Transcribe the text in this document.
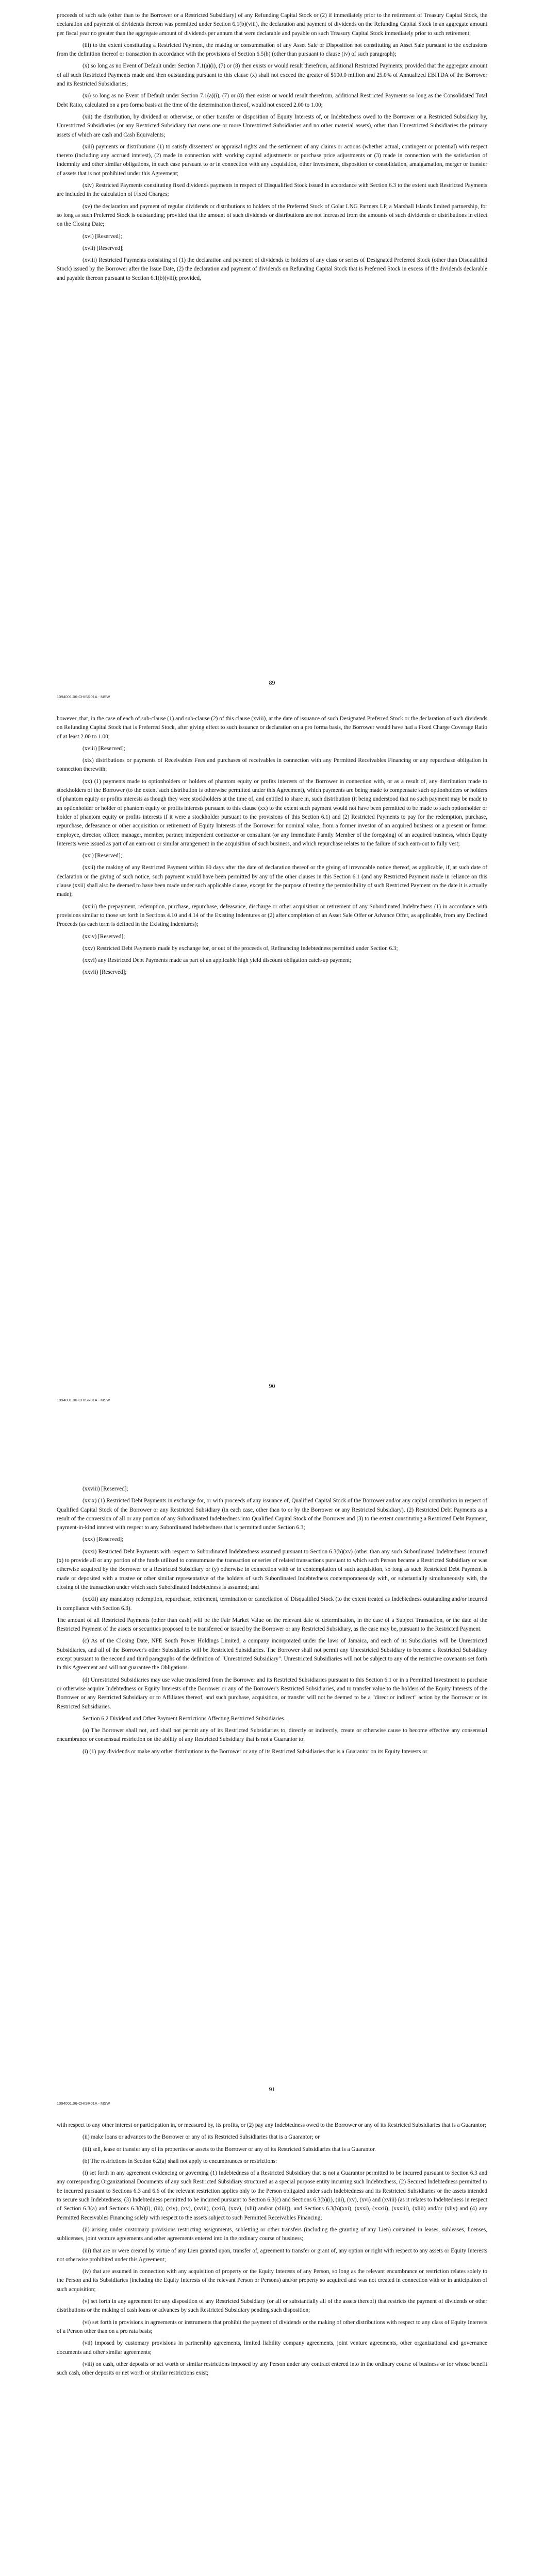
proceeds of such sale (other than to the Borrower or a Restricted Subsidiary) of any Refunding Capital Stock or (2) if immediately prior to the retirement of Treasury Capital Stock, the declaration and payment of dividends thereon was permitted under Section 6.1(b)(viii), the declaration and payment of dividends on the Refunding Capital Stock in an aggregate amount per fiscal year no greater than the aggregate amount of dividends per annum that were declarable and payable on such Treasury Capital Stock immediately prior to such retirement;

(iii) to the extent constituting a Restricted Payment, the making or consummation of any Asset Sale or Disposition not constituting an Asset Sale pursuant to the exclusions from the definition thereof or transaction in accordance with the provisions of Section 6.5(b) (other than pursuant to clause (iv) of such paragraph);

(x) so long as no Event of Default under Section 7.1(a)(i), (7) or (8) then exists or would result therefrom, additional Restricted Payments; provided that the aggregate amount of all such Restricted Payments made and then outstanding pursuant to this clause (x) shall not exceed the greater of $100.0 million and 25.0% of Annualized EBITDA of the Borrower and its Restricted Subsidiaries;

(xi) so long as no Event of Default under Section 7.1(a)(i), (7) or (8) then exists or would result therefrom, additional Restricted Payments so long as the Consolidated Total Debt Ratio, calculated on a pro forma basis at the time of the determination thereof, would not exceed 2.00 to 1.00;

(xii) the distribution, by dividend or otherwise, or other transfer or disposition of Equity Interests of, or Indebtedness owed to the Borrower or a Restricted Subsidiary by, Unrestricted Subsidiaries (or any Restricted Subsidiary that owns one or more Unrestricted Subsidiaries and no other material assets), other than Unrestricted Subsidiaries the primary assets of which are cash and Cash Equivalents;

(xiii) payments or distributions (1) to satisfy dissenters' or appraisal rights and the settlement of any claims or actions (whether actual, contingent or potential) with respect thereto (including any accrued interest), (2) made in connection with working capital adjustments or purchase price adjustments or (3) made in connection with the satisfaction of indemnity and other similar obligations, in each case pursuant to or in connection with any acquisition, other Investment, disposition or consolidation, amalgamation, merger or transfer of assets that is not prohibited under this Agreement;

(xiv) Restricted Payments constituting fixed dividends payments in respect of Disqualified Stock issued in accordance with Section 6.3 to the extent such Restricted Payments are included in the calculation of Fixed Charges;

(xv) the declaration and payment of regular dividends or distributions to holders of the Preferred Stock of Golar LNG Partners LP, a Marshall Islands limited partnership, for so long as such Preferred Stock is outstanding; provided that the amount of such dividends or distributions are not increased from the amounts of such dividends or distributions in effect on the Closing Date;

(xvi) [Reserved];

(xvii) [Reserved];

(xviii) Restricted Payments consisting of (1) the declaration and payment of dividends to holders of any class or series of Designated Preferred Stock (other than Disqualified Stock) issued by the Borrower after the Issue Date, (2) the declaration and payment of dividends on Refunding Capital Stock that is Preferred Stock in excess of the dividends declarable and payable thereon pursuant to Section 6.1(b)(viii); provided,

89
1094001.06-CHISR01A - MSW

however, that, in the case of each of sub-clause (1) and sub-clause (2) of this clause (xviii), at the date of issuance of such Designated Preferred Stock or the declaration of such dividends on Refunding Capital Stock that is Preferred Stock, after giving effect to such issuance or declaration on a pro forma basis, the Borrower would have had a Fixed Charge Coverage Ratio of at least 2.00 to 1.00;

(xviii) [Reserved];

(xix) distributions or payments of Receivables Fees and purchases of receivables in connection with any Permitted Receivables Financing or any repurchase obligation in connection therewith;

(xx) (1) payments made to optionholders or holders of phantom equity or profits interests of the Borrower in connection with, or as a result of, any distribution made to stockholders of the Borrower (to the extent such distribution is otherwise permitted under this Agreement), which payments are being made to compensate such optionholders or holders of phantom equity or profits interests as though they were stockholders at the time of, and entitled to share in, such distribution (it being understood that no such payment may be made to an optionholder or holder of phantom equity or profits interests pursuant to this clause (xx) to the extent such payment would not have been permitted to be made to such optionholder or holder of phantom equity or profits interests if it were a stockholder pursuant to the provisions of this Section 6.1) and (2) Restricted Payments to pay for the redemption, purchase, repurchase, defeasance or other acquisition or retirement of Equity Interests of the Borrower for nominal value, from a former investor of an acquired business or a present or former employee, director, officer, manager, member, partner, independent contractor or consultant (or any Immediate Family Member of the foregoing) of an acquired business, which Equity Interests were issued as part of an earn-out or similar arrangement in the acquisition of such business, and which repurchase relates to the failure of such earn-out to fully vest;

(xxi) [Reserved];

(xxii) the making of any Restricted Payment within 60 days after the date of declaration thereof or the giving of irrevocable notice thereof, as applicable, if, at such date of declaration or the giving of such notice, such payment would have been permitted by any of the other clauses in this Section 6.1 (and any Restricted Payment made in reliance on this clause (xxii) shall also be deemed to have been made under such applicable clause, except for the purpose of testing the permissibility of such Restricted Payment on the date it is actually made);

(xxiii) the prepayment, redemption, purchase, repurchase, defeasance, discharge or other acquisition or retirement of any Subordinated Indebtedness (1) in accordance with provisions similar to those set forth in Sections 4.10 and 4.14 of the Existing Indentures or (2) after completion of an Asset Sale Offer or Advance Offer, as applicable, from any Declined Proceeds (as each term is defined in the Existing Indentures);

(xxiv) [Reserved];

(xxv) Restricted Debt Payments made by exchange for, or out of the proceeds of, Refinancing Indebtedness permitted under Section 6.3;

(xxvi) any Restricted Debt Payments made as part of an applicable high yield discount obligation catch-up payment;

(xxvii) [Reserved];

90
1094001.06-CHISR01A - MSW

(xxviii) [Reserved];

(xxix) (1) Restricted Debt Payments in exchange for, or with proceeds of any issuance of, Qualified Capital Stock of the Borrower and/or any capital contribution in respect of Qualified Capital Stock of the Borrower or any Restricted Subsidiary (in each case, other than to or by the Borrower or any Restricted Subsidiary), (2) Restricted Debt Payments as a result of the conversion of all or any portion of any Subordinated Indebtedness into Qualified Capital Stock of the Borrower and (3) to the extent constituting a Restricted Debt Payment, payment-in-kind interest with respect to any Subordinated Indebtedness that is permitted under Section 6.3;

(xxx) [Reserved];

(xxxi) Restricted Debt Payments with respect to Subordinated Indebtedness assumed pursuant to Section 6.3(b)(xv) (other than any such Subordinated Indebtedness incurred (x) to provide all or any portion of the funds utilized to consummate the transaction or series of related transactions pursuant to which such Person became a Restricted Subsidiary or was otherwise acquired by the Borrower or a Restricted Subsidiary or (y) otherwise in connection with or in contemplation of such acquisition, so long as such Restricted Debt Payment is made or deposited with a trustee or other similar representative of the holders of such Subordinated Indebtedness contemporaneously with, or substantially simultaneously with, the closing of the transaction under which such Subordinated Indebtedness is assumed; and

(xxxii) any mandatory redemption, repurchase, retirement, termination or cancellation of Disqualified Stock (to the extent treated as Indebtedness outstanding and/or incurred in compliance with Section 6.3).

The amount of all Restricted Payments (other than cash) will be the Fair Market Value on the relevant date of determination, in the case of a Subject Transaction, or the date of the Restricted Payment of the assets or securities proposed to be transferred or issued by the Borrower or any Restricted Subsidiary, as the case may be, pursuant to the Restricted Payment.

(c) As of the Closing Date, NFE South Power Holdings Limited, a company incorporated under the laws of Jamaica, and each of its Subsidiaries will be Unrestricted Subsidiaries, and all of the Borrower's other Subsidiaries will be Restricted Subsidiaries. The Borrower shall not permit any Unrestricted Subsidiary to become a Restricted Subsidiary except pursuant to the second and third paragraphs of the definition of "Unrestricted Subsidiary". Unrestricted Subsidiaries will not be subject to any of the restrictive covenants set forth in this Agreement and will not guarantee the Obligations.

(d) Unrestricted Subsidiaries may use value transferred from the Borrower and its Restricted Subsidiaries pursuant to this Section 6.1 or in a Permitted Investment to purchase or otherwise acquire Indebtedness or Equity Interests of the Borrower or any of the Borrower's Restricted Subsidiaries, and to transfer value to the holders of the Equity Interests of the Borrower or any Restricted Subsidiary or to Affiliates thereof, and such purchase, acquisition, or transfer will not be deemed to be a "direct or indirect" action by the Borrower or its Restricted Subsidiaries.

Section 6.2 Dividend and Other Payment Restrictions Affecting Restricted Subsidiaries.

(a) The Borrower shall not, and shall not permit any of its Restricted Subsidiaries to, directly or indirectly, create or otherwise cause to become effective any consensual encumbrance or consensual restriction on the ability of any Restricted Subsidiary that is not a Guarantor to:

(i) (1) pay dividends or make any other distributions to the Borrower or any of its Restricted Subsidiaries that is a Guarantor on its Equity Interests or

91
1094001.06-CHISR01A - MSW

with respect to any other interest or participation in, or measured by, its profits, or (2) pay any Indebtedness owed to the Borrower or any of its Restricted Subsidiaries that is a Guarantor;

(ii) make loans or advances to the Borrower or any of its Restricted Subsidiaries that is a Guarantor; or

(iii) sell, lease or transfer any of its properties or assets to the Borrower or any of its Restricted Subsidiaries that is a Guarantor.

(b) The restrictions in Section 6.2(a) shall not apply to encumbrances or restrictions:

(i) set forth in any agreement evidencing or governing (1) Indebtedness of a Restricted Subsidiary that is not a Guarantor permitted to be incurred pursuant to Section 6.3 and any corresponding Organizational Documents of any such Restricted Subsidiary structured as a special purpose entity incurring such Indebtedness, (2) Secured Indebtedness permitted to be incurred pursuant to Sections 6.3 and 6.6 of the relevant restriction applies only to the Person obligated under such Indebtedness and its Restricted Subsidiaries or the assets intended to secure such Indebtedness; (3) Indebtedness permitted to be incurred pursuant to Section 6.3(c) and Sections 6.3(b)(i), (iii), (xv), (xvi) and (xviii) (as it relates to Indebtedness in respect of Section 6.3(a) and Sections 6.3(b)(i), (iii), (xiv), (xv), (xviii), (xxii), (xxv), (xlii) and/or (xliii)), and Sections 6.3(b)(xxi), (xxxi), (xxxii), (xxxiii), (xliii) and/or (xliv) and (4) any Permitted Receivables Financing solely with respect to the assets subject to such Permitted Receivables Financing;

(ii) arising under customary provisions restricting assignments, subletting or other transfers (including the granting of any Lien) contained in leases, subleases, licenses, sublicenses, joint venture agreements and other agreements entered into in the ordinary course of business;

(iii) that are or were created by virtue of any Lien granted upon, transfer of, agreement to transfer or grant of, any option or right with respect to any assets or Equity Interests not otherwise prohibited under this Agreement;

(iv) that are assumed in connection with any acquisition of property or the Equity Interests of any Person, so long as the relevant encumbrance or restriction relates solely to the Person and its Subsidiaries (including the Equity Interests of the relevant Person or Persons) and/or property so acquired and was not created in connection with or in anticipation of such acquisition;

(v) set forth in any agreement for any disposition of any Restricted Subsidiary (or all or substantially all of the assets thereof) that restricts the payment of dividends or other distributions or the making of cash loans or advances by such Restricted Subsidiary pending such disposition;

(vi) set forth in provisions in agreements or instruments that prohibit the payment of dividends or the making of other distributions with respect to any class of Equity Interests of a Person other than on a pro rata basis;

(vii) imposed by customary provisions in partnership agreements, limited liability company agreements, joint venture agreements, other organizational and governance documents and other similar agreements;

(viii) on cash, other deposits or net worth or similar restrictions imposed by any Person under any contract entered into in the ordinary course of business or for whose benefit such cash, other deposits or net worth or similar restrictions exist;
